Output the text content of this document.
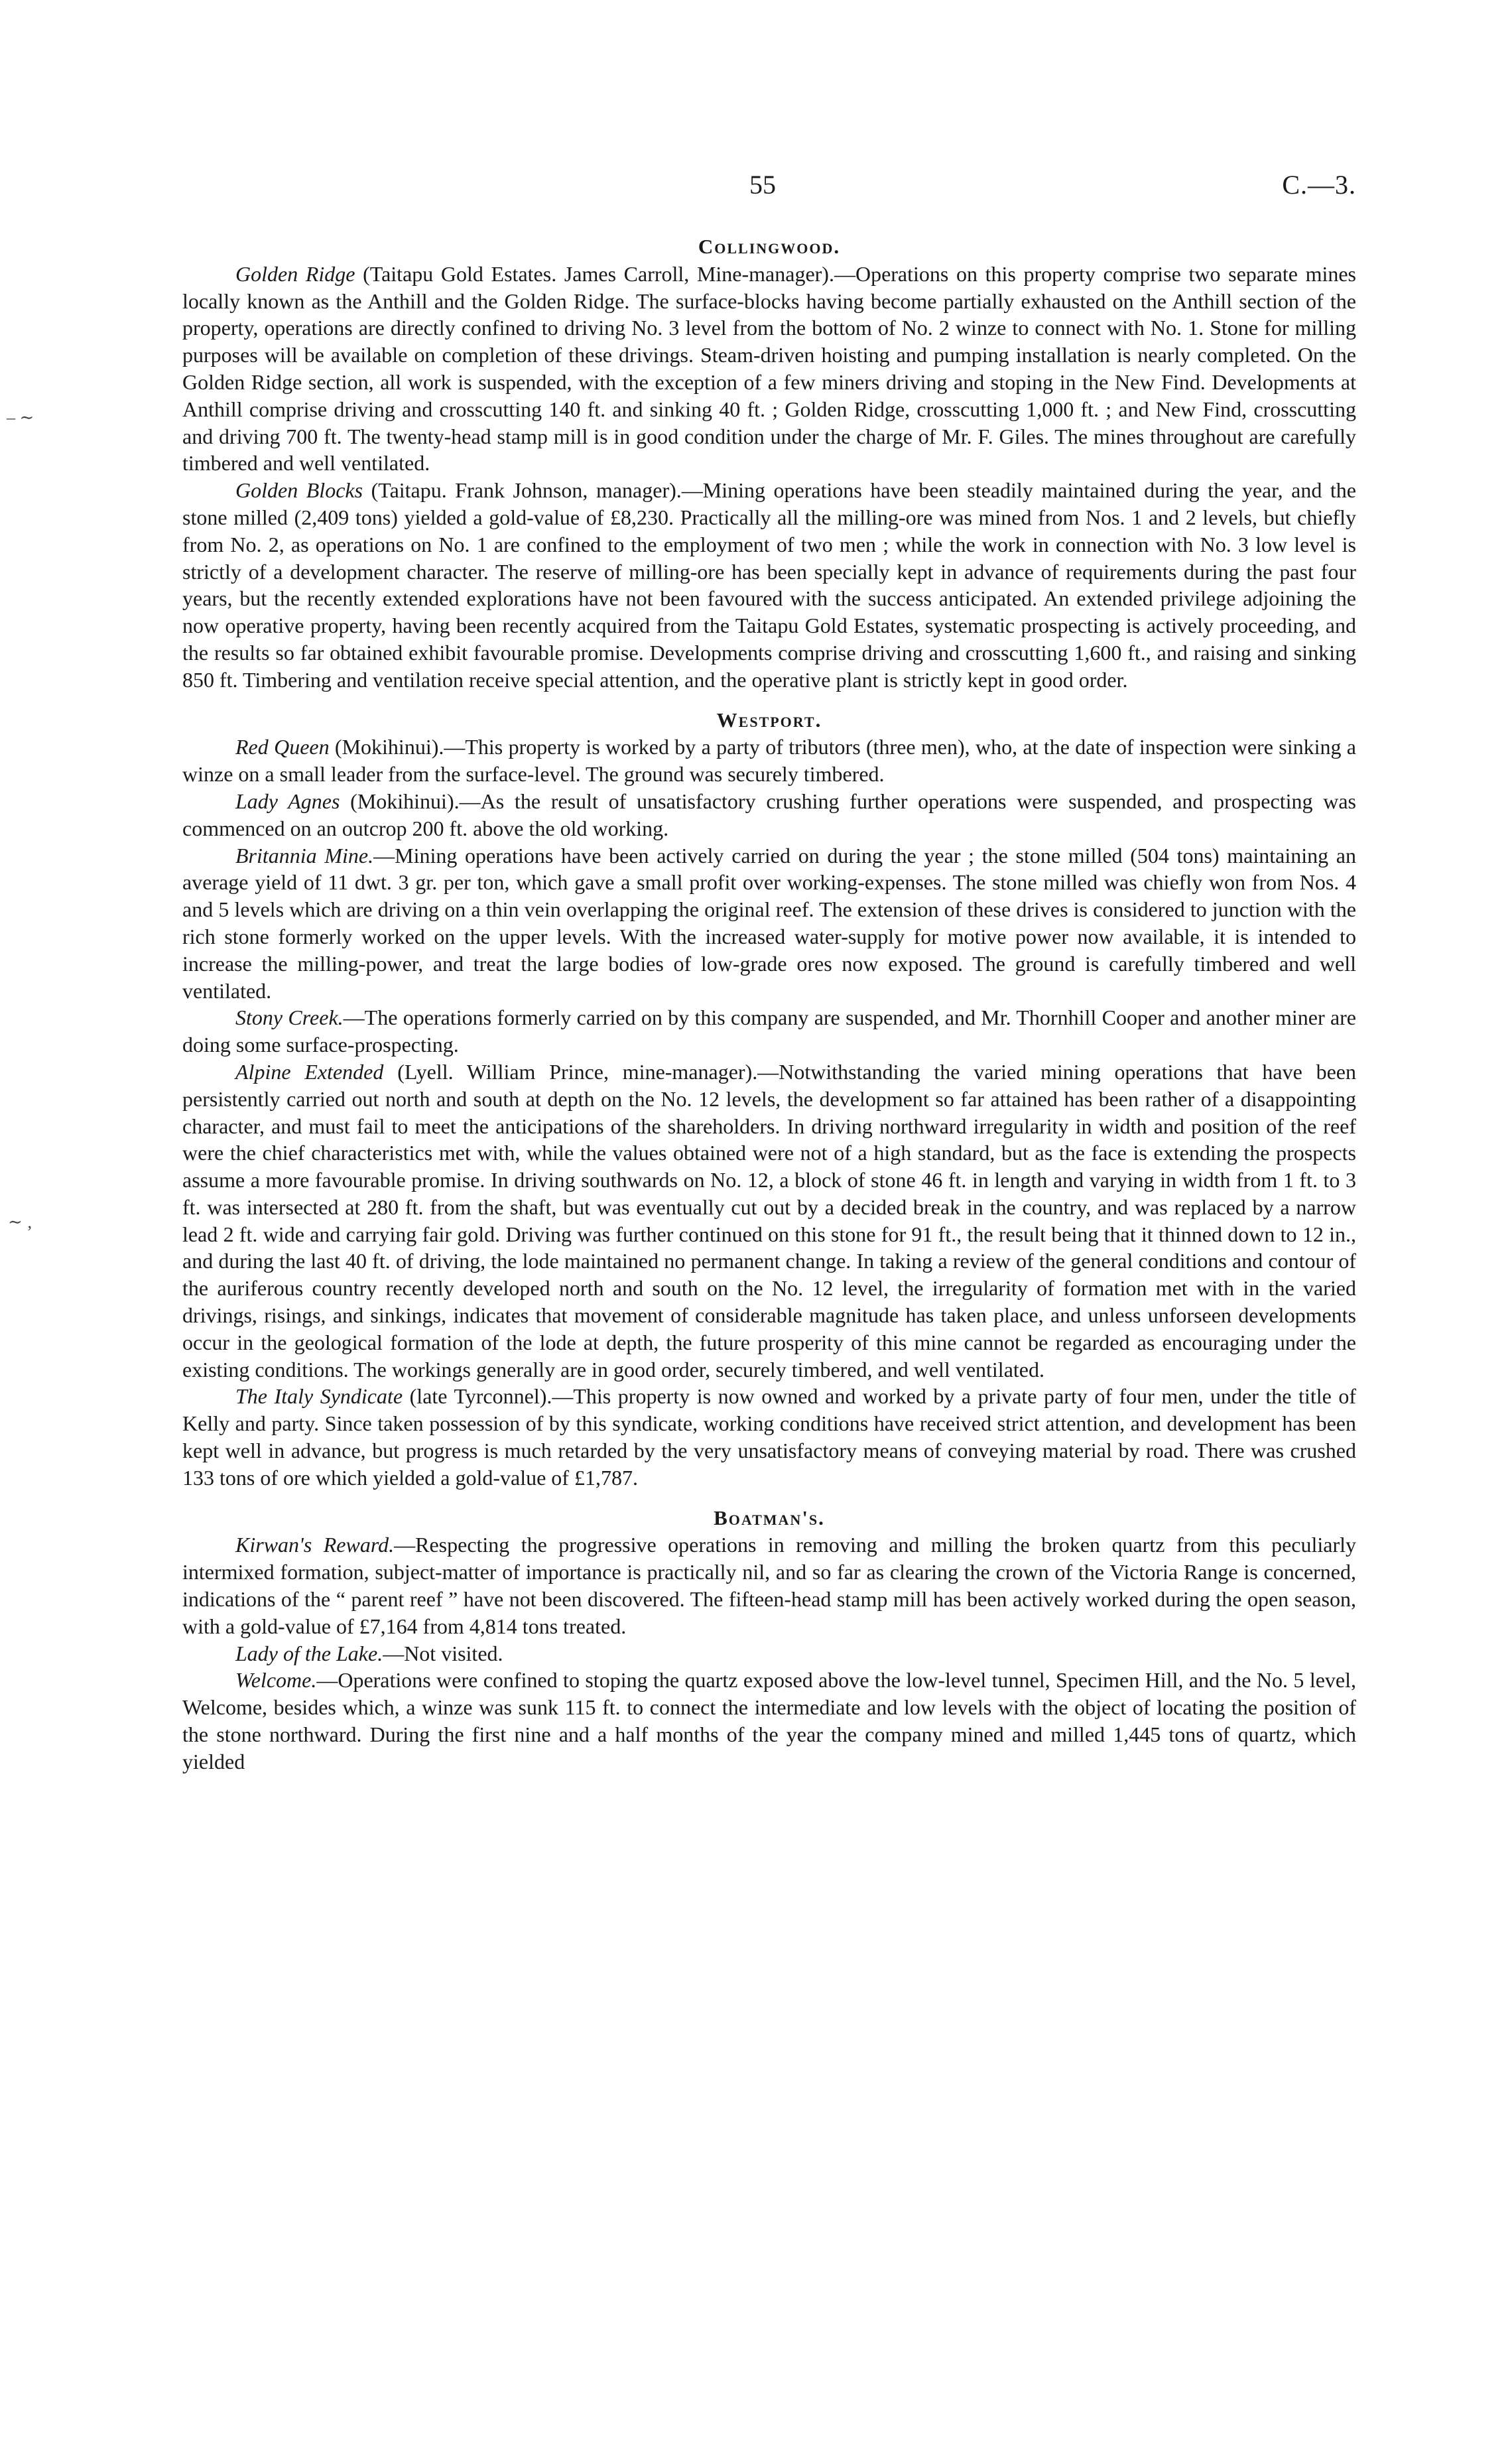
55	C.—3.
– ∼
∼ ‚
Collingwood.

Golden Ridge (Taitapu Gold Estates. James Carroll, Mine-manager).—Operations on this property comprise two separate mines locally known as the Anthill and the Golden Ridge. The surface-blocks having become partially exhausted on the Anthill section of the property, operations are directly confined to driving No. 3 level from the bottom of No. 2 winze to connect with No. 1. Stone for milling purposes will be available on completion of these drivings. Steam-driven hoisting and pumping installation is nearly completed. On the Golden Ridge section, all work is suspended, with the exception of a few miners driving and stoping in the New Find. Developments at Anthill comprise driving and crosscutting 140 ft. and sinking 40 ft. ; Golden Ridge, crosscutting 1,000 ft. ; and New Find, crosscutting and driving 700 ft. The twenty-head stamp mill is in good condition under the charge of Mr. F. Giles. The mines throughout are carefully timbered and well ventilated.

Golden Blocks (Taitapu. Frank Johnson, manager).—Mining operations have been steadily maintained during the year, and the stone milled (2,409 tons) yielded a gold-value of £8,230. Practically all the milling-ore was mined from Nos. 1 and 2 levels, but chiefly from No. 2, as operations on No. 1 are confined to the employment of two men ; while the work in connection with No. 3 low level is strictly of a development character. The reserve of milling-ore has been specially kept in advance of requirements during the past four years, but the recently extended explorations have not been favoured with the success anticipated. An extended privilege adjoining the now operative property, having been recently acquired from the Taitapu Gold Estates, systematic prospecting is actively proceeding, and the results so far obtained exhibit favourable promise. Developments comprise driving and crosscutting 1,600 ft., and raising and sinking 850 ft. Timbering and ventilation receive special attention, and the operative plant is strictly kept in good order.

Westport.

Red Queen (Mokihinui).—This property is worked by a party of tributors (three men), who, at the date of inspection were sinking a winze on a small leader from the surface-level. The ground was securely timbered.

Lady Agnes (Mokihinui).—As the result of unsatisfactory crushing further operations were suspended, and prospecting was commenced on an outcrop 200 ft. above the old working.

Britannia Mine.—Mining operations have been actively carried on during the year ; the stone milled (504 tons) maintaining an average yield of 11 dwt. 3 gr. per ton, which gave a small profit over working-expenses. The stone milled was chiefly won from Nos. 4 and 5 levels which are driving on a thin vein overlapping the original reef. The extension of these drives is considered to junction with the rich stone formerly worked on the upper levels. With the increased water-supply for motive power now available, it is intended to increase the milling-power, and treat the large bodies of low-grade ores now exposed. The ground is carefully timbered and well ventilated.

Stony Creek.—The operations formerly carried on by this company are suspended, and Mr. Thornhill Cooper and another miner are doing some surface-prospecting.

Alpine Extended (Lyell. William Prince, mine-manager).—Notwithstanding the varied mining operations that have been persistently carried out north and south at depth on the No. 12 levels, the development so far attained has been rather of a disappointing character, and must fail to meet the anticipations of the shareholders. In driving northward irregularity in width and position of the reef were the chief characteristics met with, while the values obtained were not of a high standard, but as the face is extending the prospects assume a more favourable promise. In driving southwards on No. 12, a block of stone 46 ft. in length and varying in width from 1 ft. to 3 ft. was intersected at 280 ft. from the shaft, but was eventually cut out by a decided break in the country, and was replaced by a narrow lead 2 ft. wide and carrying fair gold. Driving was further continued on this stone for 91 ft., the result being that it thinned down to 12 in., and during the last 40 ft. of driving, the lode maintained no permanent change. In taking a review of the general conditions and contour of the auriferous country recently developed north and south on the No. 12 level, the irregularity of formation met with in the varied drivings, risings, and sinkings, indicates that movement of considerable magnitude has taken place, and unless unforseen developments occur in the geological formation of the lode at depth, the future prosperity of this mine cannot be regarded as encouraging under the existing conditions. The workings generally are in good order, securely timbered, and well ventilated.

The Italy Syndicate (late Tyrconnel).—This property is now owned and worked by a private party of four men, under the title of Kelly and party. Since taken possession of by this syndicate, working conditions have received strict attention, and development has been kept well in advance, but progress is much retarded by the very unsatisfactory means of conveying material by road. There was crushed 133 tons of ore which yielded a gold-value of £1,787.

Boatman's.

Kirwan's Reward.—Respecting the progressive operations in removing and milling the broken quartz from this peculiarly intermixed formation, subject-matter of importance is practically nil, and so far as clearing the crown of the Victoria Range is concerned, indications of the “ parent reef ” have not been discovered. The fifteen-head stamp mill has been actively worked during the open season, with a gold-value of £7,164 from 4,814 tons treated.

Lady of the Lake.—Not visited.

Welcome.—Operations were confined to stoping the quartz exposed above the low-level tunnel, Specimen Hill, and the No. 5 level, Welcome, besides which, a winze was sunk 115 ft. to connect the intermediate and low levels with the object of locating the position of the stone northward. During the first nine and a half months of the year the company mined and milled 1,445 tons of quartz, which yielded
